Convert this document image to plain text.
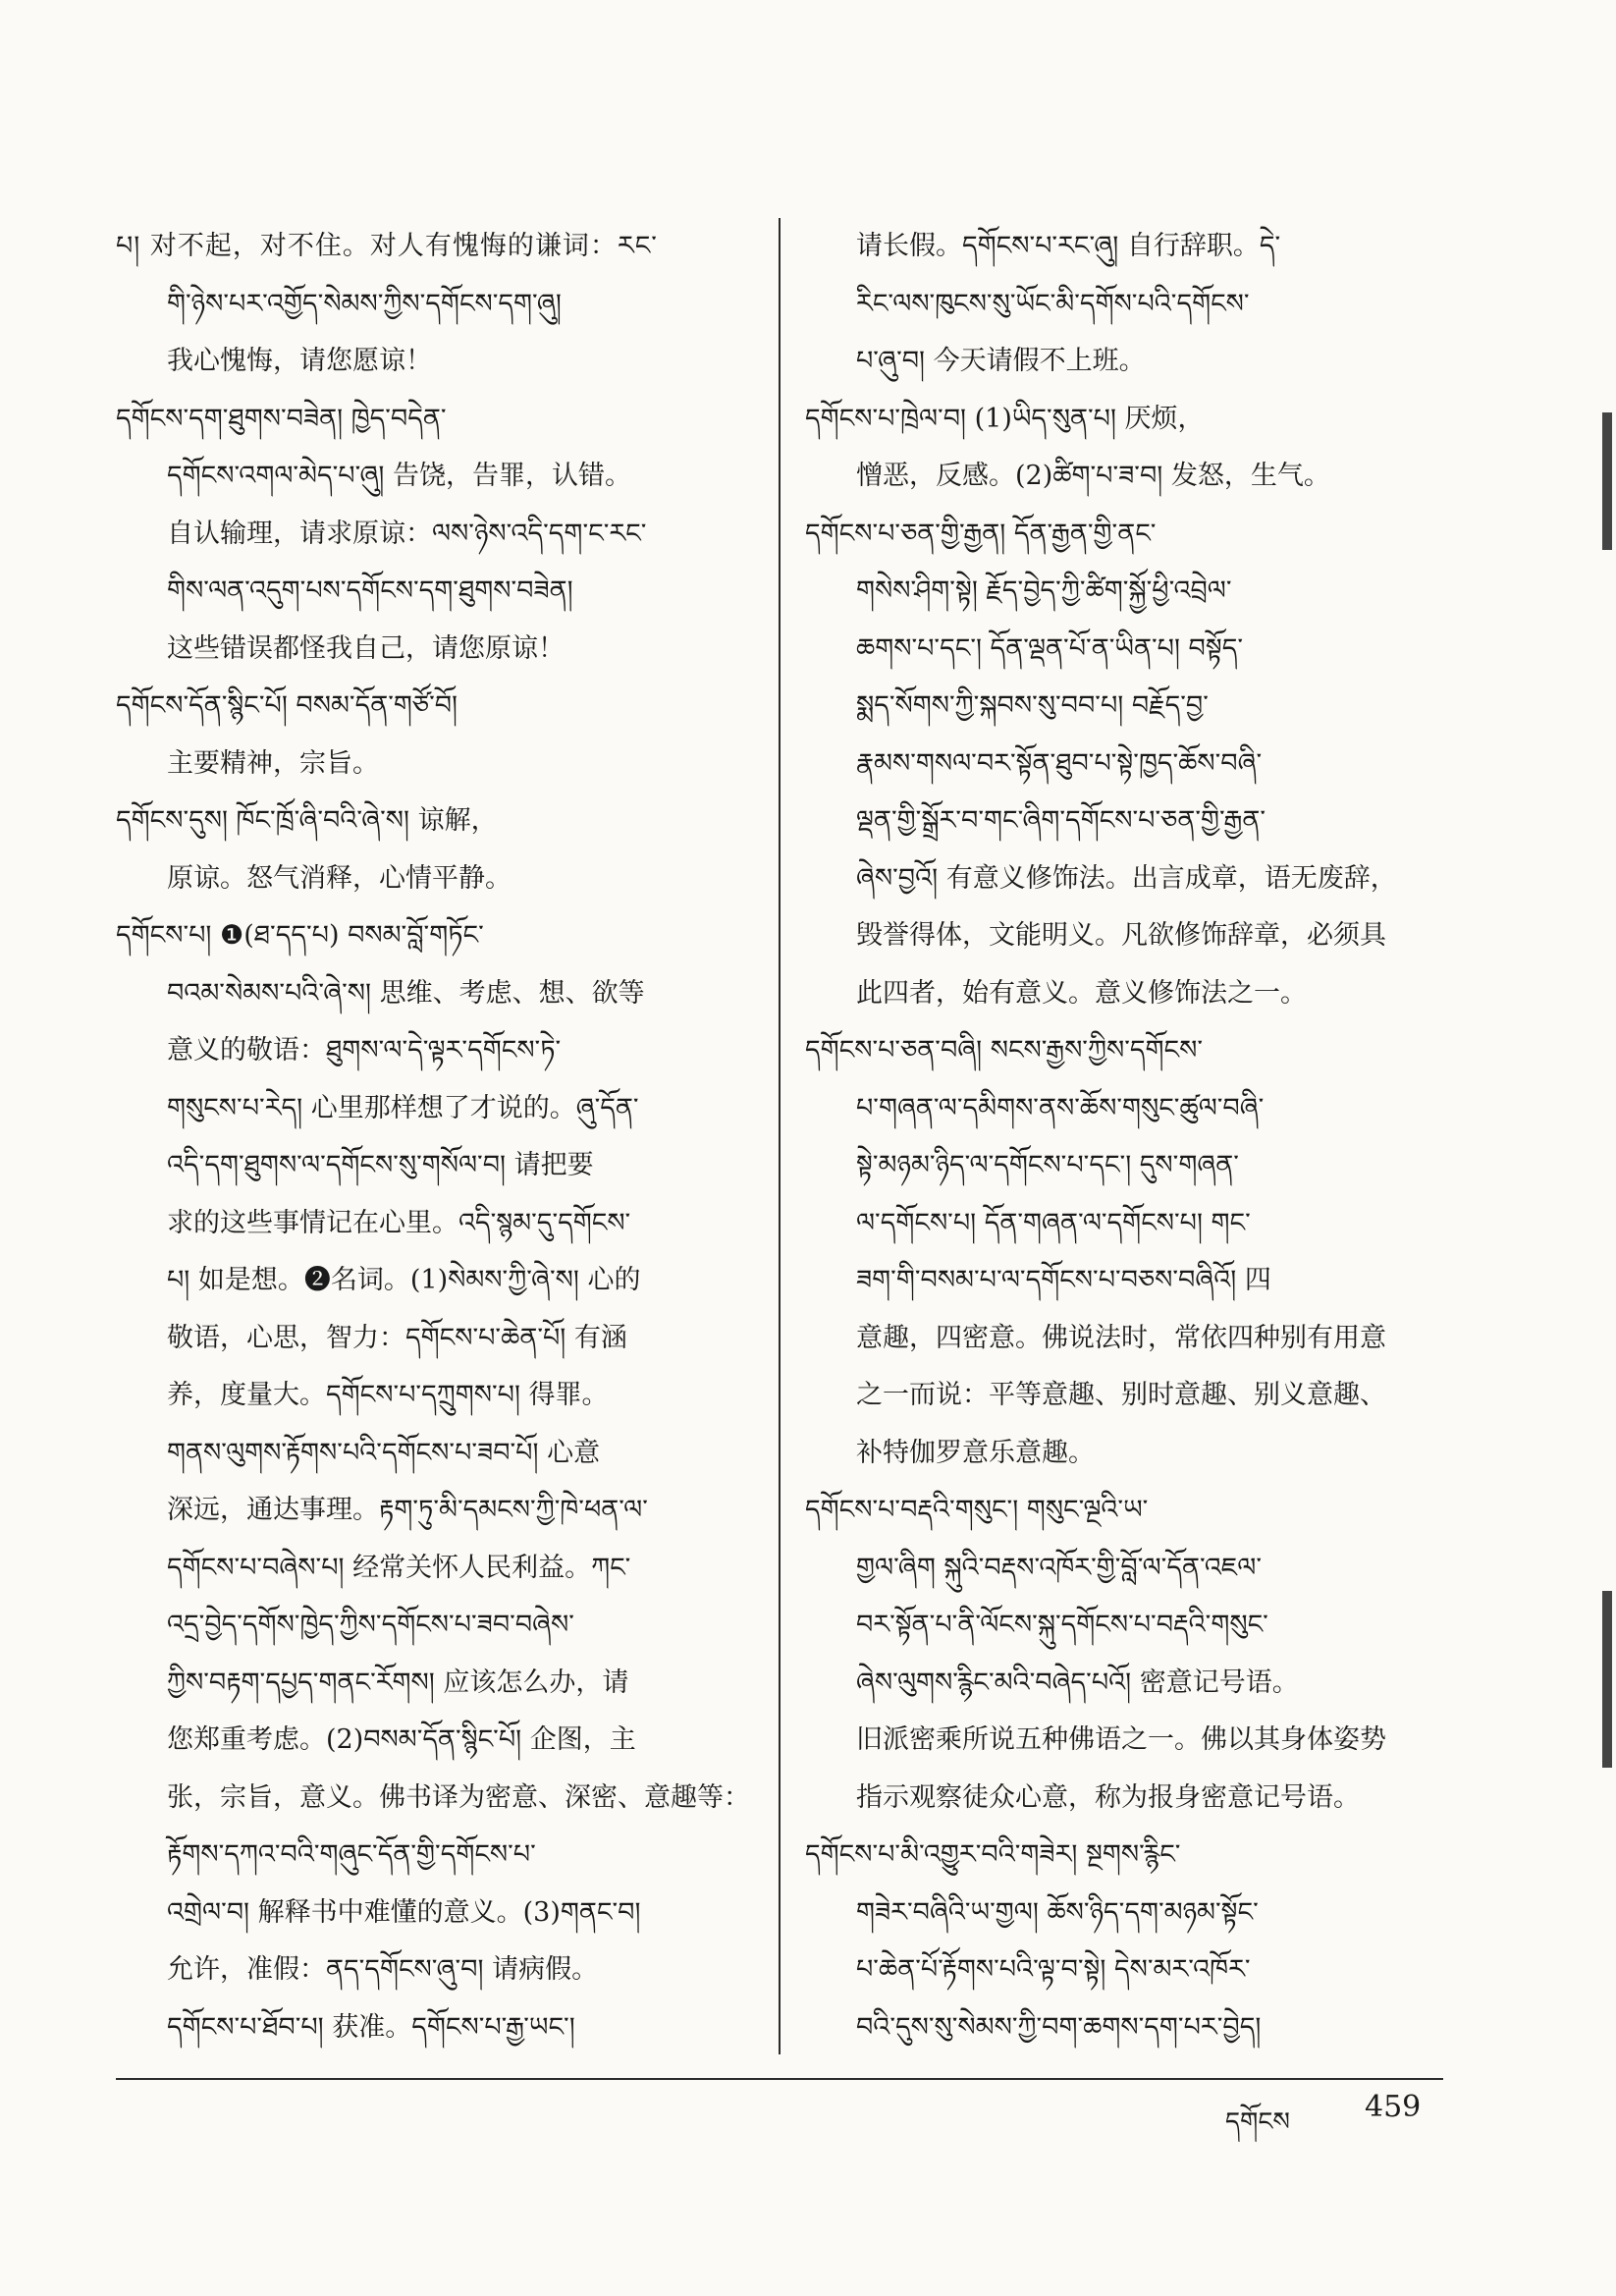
པ། 对不起，对不住。对人有愧悔的谦词：རང་

གི་ཉེས་པར་འགྱོད་སེམས་ཀྱིས་དགོངས་དག་ཞུ།

我心愧悔，请您愿谅！

དགོངས་དག་ཐུགས་བཟེན། ཁྱེད་བདེན་

དགོངས་འགལ་མེད་པ་ཞུ། 告饶，告罪，认错。

自认输理，请求原谅：ལས་ཉེས་འདི་དག་ང་རང་

གིས་ལན་འདུག་པས་དགོངས་དག་ཐུགས་བཟེན།

这些错误都怪我自己，请您原谅！

དགོངས་དོན་སྙིང་པོ། བསམ་དོན་གཙོ་བོ།

主要精神，宗旨。

དགོངས་དུས། ཁོང་ཁྲོ་ཞི་བའི་ཞེ་ས། 谅解，

原谅。怒气消释，心情平静。

དགོངས་པ། ❶(ཐ་དད་པ) བསམ་བློ་གཏོང་

བའམ་སེམས་པའི་ཞེ་ས། 思维、考虑、想、欲等

意义的敬语：ཐུགས་ལ་དེ་ལྟར་དགོངས་ཏེ་

གསུངས་པ་རེད། 心里那样想了才说的。ཞུ་དོན་

འདི་དག་ཐུགས་ལ་དགོངས་སུ་གསོལ་བ། 请把要

求的这些事情记在心里。འདི་སྙམ་དུ་དགོངས་

པ། 如是想。❷名词。(1)སེམས་ཀྱི་ཞེ་ས། 心的

敬语，心思，智力：དགོངས་པ་ཆེན་པོ། 有涵

养，度量大。དགོངས་པ་དཀྲུགས་པ། 得罪。

གནས་ལུགས་རྟོགས་པའི་དགོངས་པ་ཟབ་པོ། 心意

深远，通达事理。རྟག་ཏུ་མི་དམངས་ཀྱི་ཁེ་ཕན་ལ་

དགོངས་པ་བཞེས་པ། 经常关怀人民利益。ཀང་

འདྲ་བྱེད་དགོས་ཁྱེད་ཀྱིས་དགོངས་པ་ཟབ་བཞེས་

ཀྱིས་བརྟག་དཔྱད་གནང་རོགས། 应该怎么办，请

您郑重考虑。(2)བསམ་དོན་སྙིང་པོ། 企图，主

张，宗旨，意义。佛书译为密意、深密、意趣等：

རྟོགས་དཀའ་བའི་གཞུང་དོན་གྱི་དགོངས་པ་

འགྲེལ་བ། 解释书中难懂的意义。(3)གནང་བ།

允许，准假：ནད་དགོངས་ཞུ་བ། 请病假。

དགོངས་པ་ཐོབ་པ། 获准。དགོངས་པ་རྒྱ་ཡང་།

请长假。དགོངས་པ་རང་ཞུ། 自行辞职。དེ་

རིང་ལས་ཁུངས་སུ་ཡོང་མི་དགོས་པའི་དགོངས་

པ་ཞུ་བ། 今天请假不上班。

དགོངས་པ་ཁྲེལ་བ། (1)ཡིད་སུན་པ། 厌烦，

憎恶，反感。(2)ཚིག་པ་ཟ་བ། 发怒，生气。

དགོངས་པ་ཅན་གྱི་རྒྱན། དོན་རྒྱན་གྱི་ནང་

གསེས་ཤིག་སྟེ། རྗོད་བྱེད་ཀྱི་ཚིག་སྐྱོ་ཕྱི་འབྲེལ་

ཆགས་པ་དང་། དོན་ལྡན་པོ་ན་ཡིན་པ། བསྟོད་

སྨད་སོགས་ཀྱི་སྐབས་སུ་བབ་པ། བརྗོད་བྱ་

རྣམས་གསལ་བར་སྟོན་ཐུབ་པ་སྟེ་ཁྱད་ཆོས་བཞི་

ལྡན་གྱི་སྒྲོར་བ་གང་ཞིག་དགོངས་པ་ཅན་གྱི་རྒྱན་

ཞེས་བྱའོ། 有意义修饰法。出言成章，语无废辞，

毁誉得体，文能明义。凡欲修饰辞章，必须具

此四者，始有意义。意义修饰法之一。

དགོངས་པ་ཅན་བཞི། སངས་རྒྱས་ཀྱིས་དགོངས་

པ་གཞན་ལ་དམིགས་ནས་ཆོས་གསུང་ཚུལ་བཞི་

སྟེ་མཉམ་ཉིད་ལ་དགོངས་པ་དང་། དུས་གཞན་

ལ་དགོངས་པ། དོན་གཞན་ལ་དགོངས་པ། གང་

ཟག་གི་བསམ་པ་ལ་དགོངས་པ་བཅས་བཞིའོ། 四

意趣，四密意。佛说法时，常依四种别有用意

之一而说：平等意趣、别时意趣、别义意趣、

补特伽罗意乐意趣。

དགོངས་པ་བརྡའི་གསུང་། གསུང་ལྔའི་ཡ་

གྱལ་ཞིག སྐུའི་བརྡས་འཁོར་གྱི་བློ་ལ་དོན་འཇལ་

བར་སྟོན་པ་ནི་ལོངས་སྐུ་དགོངས་པ་བརྡའི་གསུང་

ཞེས་ལུགས་རྙིང་མའི་བཞེད་པའོ། 密意记号语。

旧派密乘所说五种佛语之一。佛以其身体姿势

指示观察徒众心意，称为报身密意记号语。

དགོངས་པ་མི་འགྱུར་བའི་གཟེར། སྔགས་རྙིང་

གཟེར་བཞིའི་ཡ་གྱལ། ཆོས་ཉིད་དག་མཉམ་སྟོང་

པ་ཆེན་པོ་རྟོགས་པའི་ལྟ་བ་སྟེ། དེས་མར་འཁོར་

བའི་དུས་སུ་སེམས་ཀྱི་བག་ཆགས་དག་པར་བྱེད།

དགོངས	459
